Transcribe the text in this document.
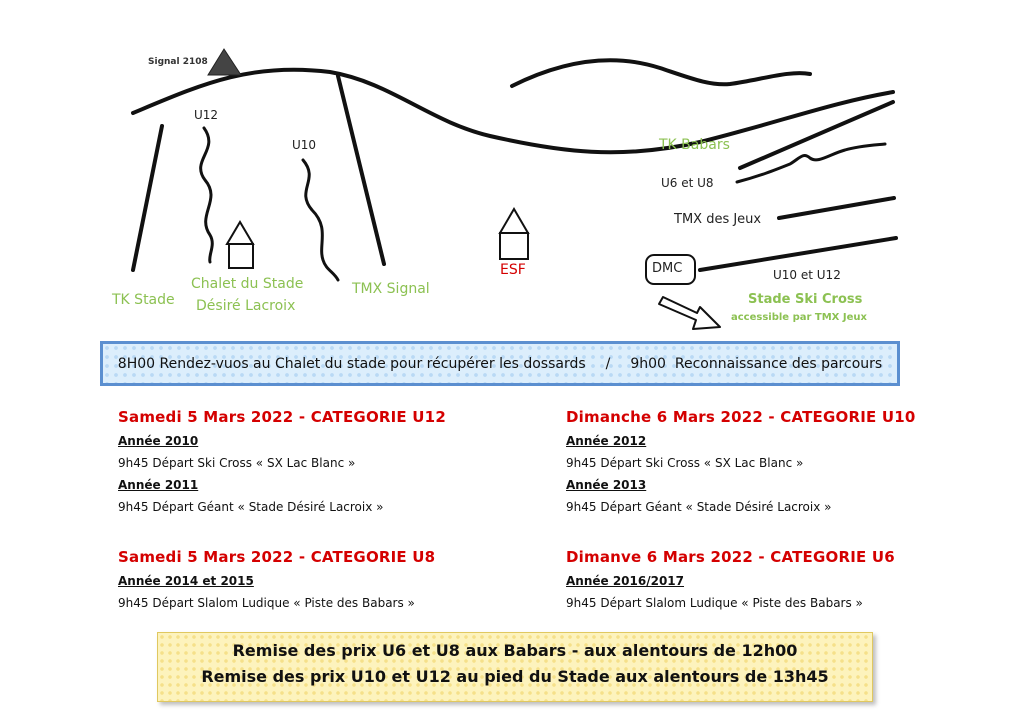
Signal 2108
U12
U10
TK Stade
Chalet du Stade
Désiré Lacroix
TMX Signal
ESF
TK Babars
U6 et U8
TMX des Jeux
DMC	U10 et U12
Stade Ski Cross
accessible par TMX Jeux
8H00 Rendez-vuos au Chalet du stade pour récupérer les dossards / 9h00  Reconnaissance des parcours
Samedi 5 Mars 2022 - CATEGORIE U12
Année 2010
9h45 Départ Ski Cross « SX Lac Blanc »
Année 2011
9h45 Départ Géant « Stade Désiré Lacroix »
Dimanche 6 Mars 2022 - CATEGORIE U10
Année 2012
9h45 Départ Ski Cross « SX Lac Blanc »
Année 2013
9h45 Départ Géant « Stade Désiré Lacroix »
Samedi 5 Mars 2022 - CATEGORIE U8
Année 2014 et 2015
9h45 Départ Slalom Ludique « Piste des Babars »
Dimanve 6 Mars 2022 - CATEGORIE U6
Année 2016/2017
9h45 Départ Slalom Ludique « Piste des Babars »
Remise des prix U6 et U8 aux Babars - aux alentours de 12h00
Remise des prix U10 et U12 au pied du Stade aux alentours de 13h45
